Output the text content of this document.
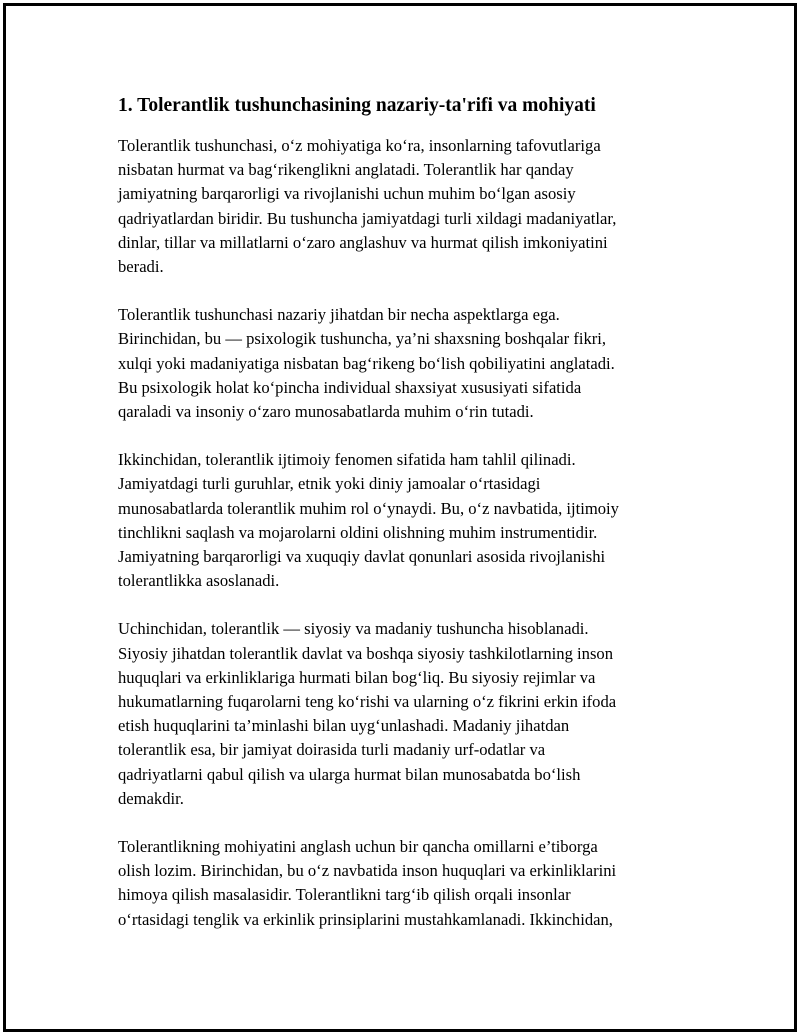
1. Tolerantlik tushunchasining nazariy-ta'rifi va mohiyati

Tolerantlik tushunchasi, o‘z mohiyatiga ko‘ra, insonlarning tafovutlariga
nisbatan hurmat va bag‘rikenglikni anglatadi. Tolerantlik har qanday
jamiyatning barqarorligi va rivojlanishi uchun muhim bo‘lgan asosiy
qadriyatlardan biridir. Bu tushuncha jamiyatdagi turli xildagi madaniyatlar,
dinlar, tillar va millatlarni o‘zaro anglashuv va hurmat qilish imkoniyatini
beradi.

Tolerantlik tushunchasi nazariy jihatdan bir necha aspektlarga ega.
Birinchidan, bu — psixologik tushuncha, ya’ni shaxsning boshqalar fikri,
xulqi yoki madaniyatiga nisbatan bag‘rikeng bo‘lish qobiliyatini anglatadi.
Bu psixologik holat ko‘pincha individual shaxsiyat xususiyati sifatida
qaraladi va insoniy o‘zaro munosabatlarda muhim o‘rin tutadi.

Ikkinchidan, tolerantlik ijtimoiy fenomen sifatida ham tahlil qilinadi.
Jamiyatdagi turli guruhlar, etnik yoki diniy jamoalar o‘rtasidagi
munosabatlarda tolerantlik muhim rol o‘ynaydi. Bu, o‘z navbatida, ijtimoiy
tinchlikni saqlash va mojarolarni oldini olishning muhim instrumentidir.
Jamiyatning barqarorligi va xuquqiy davlat qonunlari asosida rivojlanishi
tolerantlikka asoslanadi.

Uchinchidan, tolerantlik — siyosiy va madaniy tushuncha hisoblanadi.
Siyosiy jihatdan tolerantlik davlat va boshqa siyosiy tashkilotlarning inson
huquqlari va erkinliklariga hurmati bilan bog‘liq. Bu siyosiy rejimlar va
hukumatlarning fuqarolarni teng ko‘rishi va ularning o‘z fikrini erkin ifoda
etish huquqlarini ta’minlashi bilan uyg‘unlashadi. Madaniy jihatdan
tolerantlik esa, bir jamiyat doirasida turli madaniy urf-odatlar va
qadriyatlarni qabul qilish va ularga hurmat bilan munosabatda bo‘lish
demakdir.

Tolerantlikning mohiyatini anglash uchun bir qancha omillarni e’tiborga
olish lozim. Birinchidan, bu o‘z navbatida inson huquqlari va erkinliklarini
himoya qilish masalasidir. Tolerantlikni targ‘ib qilish orqali insonlar
o‘rtasidagi tenglik va erkinlik prinsiplarini mustahkamlanadi. Ikkinchidan,
